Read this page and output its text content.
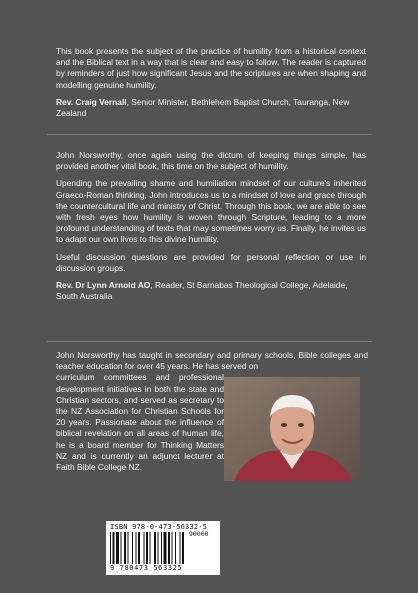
This book presents the subject of the practice of humility from a historical context and the Biblical text in a way that is clear and easy to follow. The reader is captured by reminders of just how significant Jesus and the scriptures are when shaping and modelling genuine humility.

Rev. Craig Vernall, Senior Minister, Bethlehem Baptist Church, Tauranga, New Zealand

John Norsworthy, once again using the dictum of keeping things simple, has provided another vital book, this time on the subject of humility.

Upending the prevailing shame and humiliation mindset of our culture's inherited Graeco-Roman thinking, John introduces us to a mindset of love and grace through the countercultural life and ministry of Christ. Through this book, we are able to see with fresh eyes how humility is woven through Scripture, leading to a more profound understanding of texts that may sometimes worry us. Finally, he invites us to adapt our own lives to this divine humility.

Useful discussion questions are provided for personal reflection or use in discussion groups.

Rev. Dr Lynn Arnold AO, Reader, St Barnabas Theological College, Adelaide, South Australia

John Norsworthy has taught in secondary and primary schools, Bible colleges and teacher education for over 45 years. He has served on

curriculum committees and professional development initiatives in both the state and Christian sectors, and served as secretary to the NZ Association for Christian Schools for 20 years. Passionate about the influence of biblical revelation on all areas of human life, he is a board member for Thinking Matters NZ and is currently an adjunct lecturer at Faith Bible College NZ.

ISBN 978-0-473-56332-5
90000
9 780473 563325
